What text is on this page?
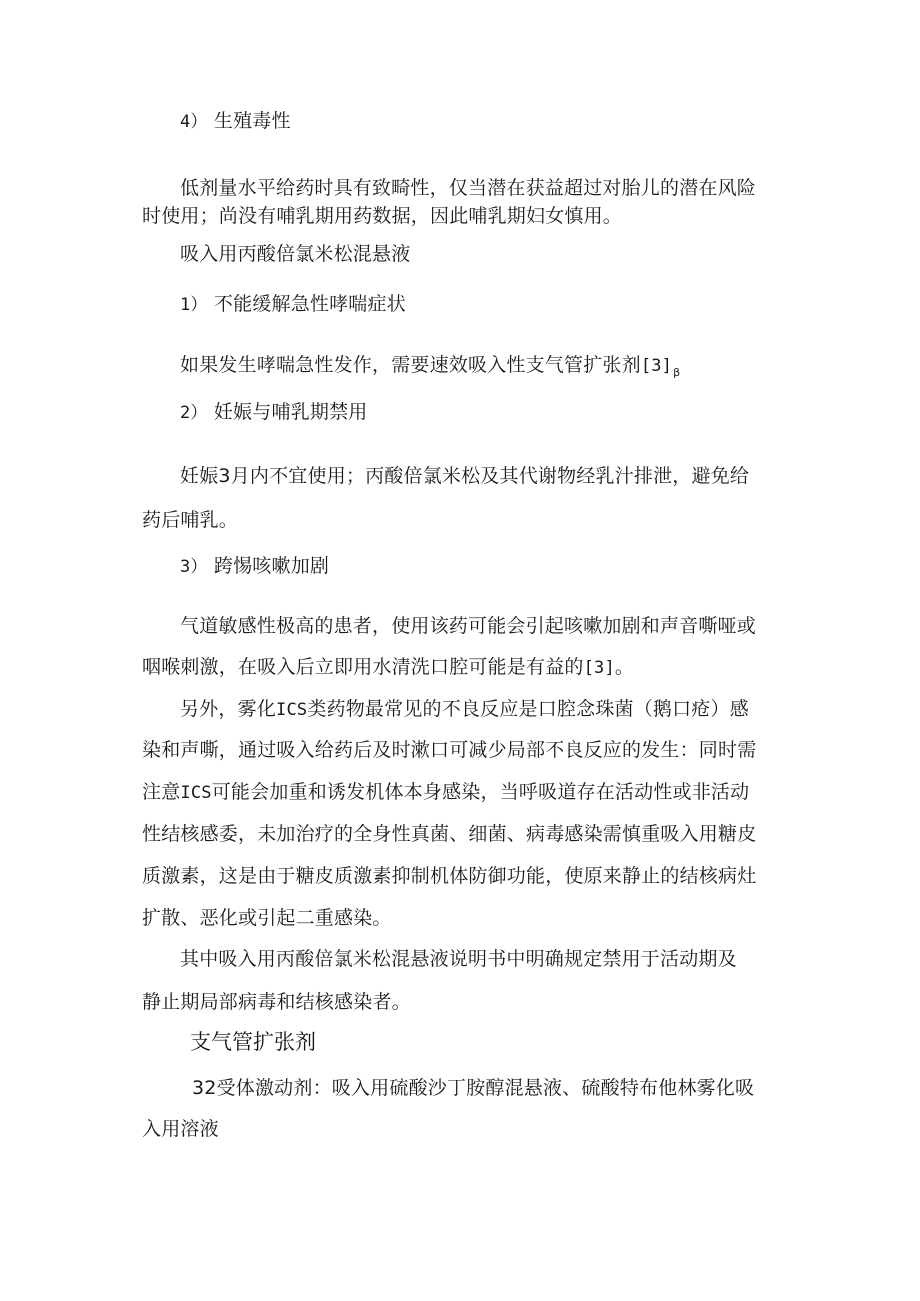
4） 生殖毒性
低剂量水平给药时具有致畸性，仅当潜在获益超过对胎儿的潜在风险
时使用；尚没有哺乳期用药数据，因此哺乳期妇女慎用。
吸入用丙酸倍氯米松混悬液
1） 不能缓解急性哮喘症状
如果发生哮喘急性发作，需要速效吸入性支气管扩张剂$[3]_\beta$
2） 妊娠与哺乳期禁用
妊娠3月内不宜使用；丙酸倍氯米松及其代谢物经乳汁排泄，避免给
药后哺乳。
3） 跨惕咳嗽加剧
气道敏感性极高的患者，使用该药可能会引起咳嗽加剧和声音嘶哑或
咽喉刺激，在吸入后立即用水清洗口腔可能是有益的[3]。
另外，雾化ICS类药物最常见的不良反应是口腔念珠菌（鹅口疮）感
染和声嘶，通过吸入给药后及时漱口可减少局部不良反应的发生：同时需
注意ICS可能会加重和诱发机体本身感染，当呼吸道存在活动性或非活动
性结核感委，未加治疗的全身性真菌、细菌、病毒感染需慎重吸入用糖皮
质激素，这是由于糖皮质激素抑制机体防御功能，使原来静止的结核病灶
扩散、恶化或引起二重感染。
其中吸入用丙酸倍氯米松混悬液说明书中明确规定禁用于活动期及
静止期局部病毒和结核感染者。
支气管扩张剂
32受体激动剂：吸入用硫酸沙丁胺醇混悬液、硫酸特布他林雾化吸
入用溶液
